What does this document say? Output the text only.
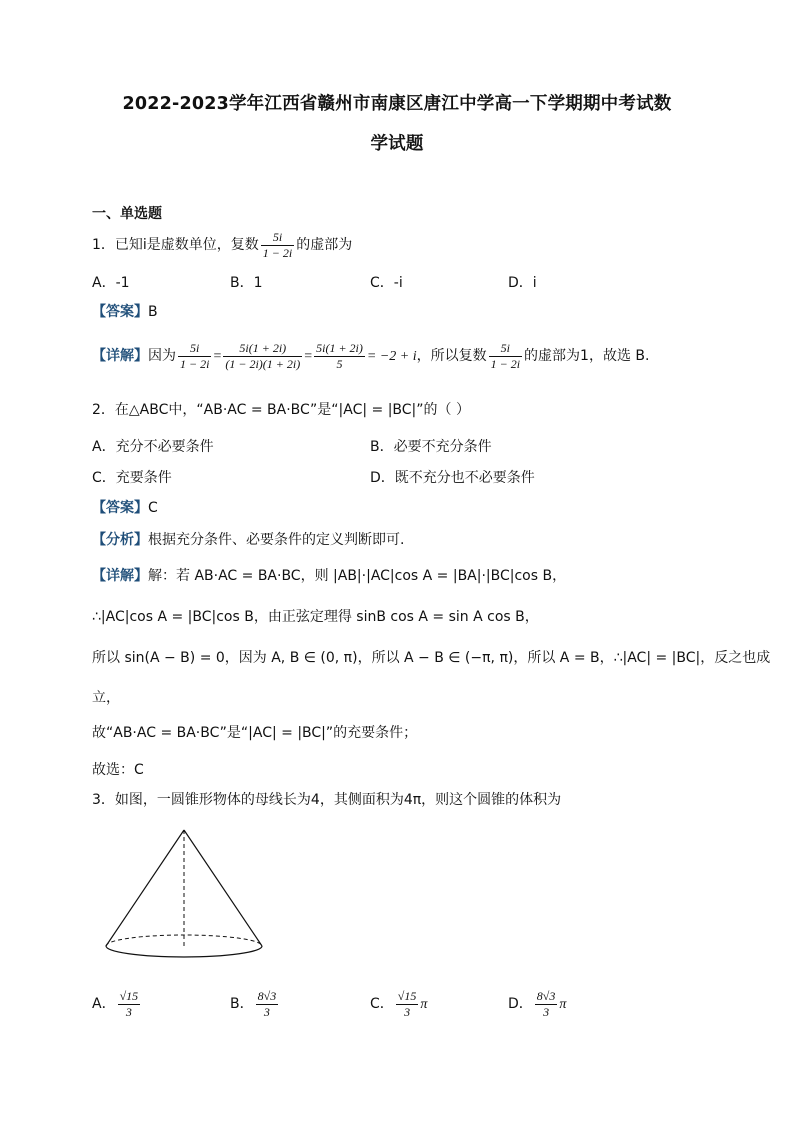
2022-2023学年江西省赣州市南康区唐江中学高一下学期期中考试数
学试题
一、单选题
1．已知i是虚数单位，复数 $\frac{5i}{1 - 2i}$ 的虚部为
A．-1	B．1	C．-i	D．i
【答案】B
【详解】因为 $\frac{5i}{1 - 2i} = \frac{5i(1 + 2i)}{(1 - 2i)(1 + 2i)} = \frac{5i(1 + 2i)}{5} = -2 + i$，所以复数 $\frac{5i}{1 - 2i}$ 的虚部为1，故选 B.
2．在△ABC中，“AB·AC = BA·BC”是“|AC| = |BC|”的（ ）
A．充分不必要条件	B．必要不充分条件
C．充要条件	D．既不充分也不必要条件
【答案】C
【分析】根据充分条件、必要条件的定义判断即可.
【详解】解：若 AB·AC = BA·BC，则 |AB|·|AC|cos A = |BA|·|BC|cos B，
∴|AC|cos A = |BC|cos B，由正弦定理得 sinB cos A = sin A cos B，
所以 sin(A − B) = 0，因为 A, B ∈ (0, π)，所以 A − B ∈ (−π, π)，所以 A = B，∴|AC| = |BC|，反之也成
立，
故“AB·AC = BA·BC”是“|AC| = |BC|”的充要条件；
故选：C
3．如图，一圆锥形物体的母线长为4，其侧面积为4π，则这个圆锥的体积为
A． $\frac{√15}{3}$	B． $\frac{8√3}{3}$	C． $\frac{√15}{3}$ π	D． $\frac{8√3}{3}$ π
